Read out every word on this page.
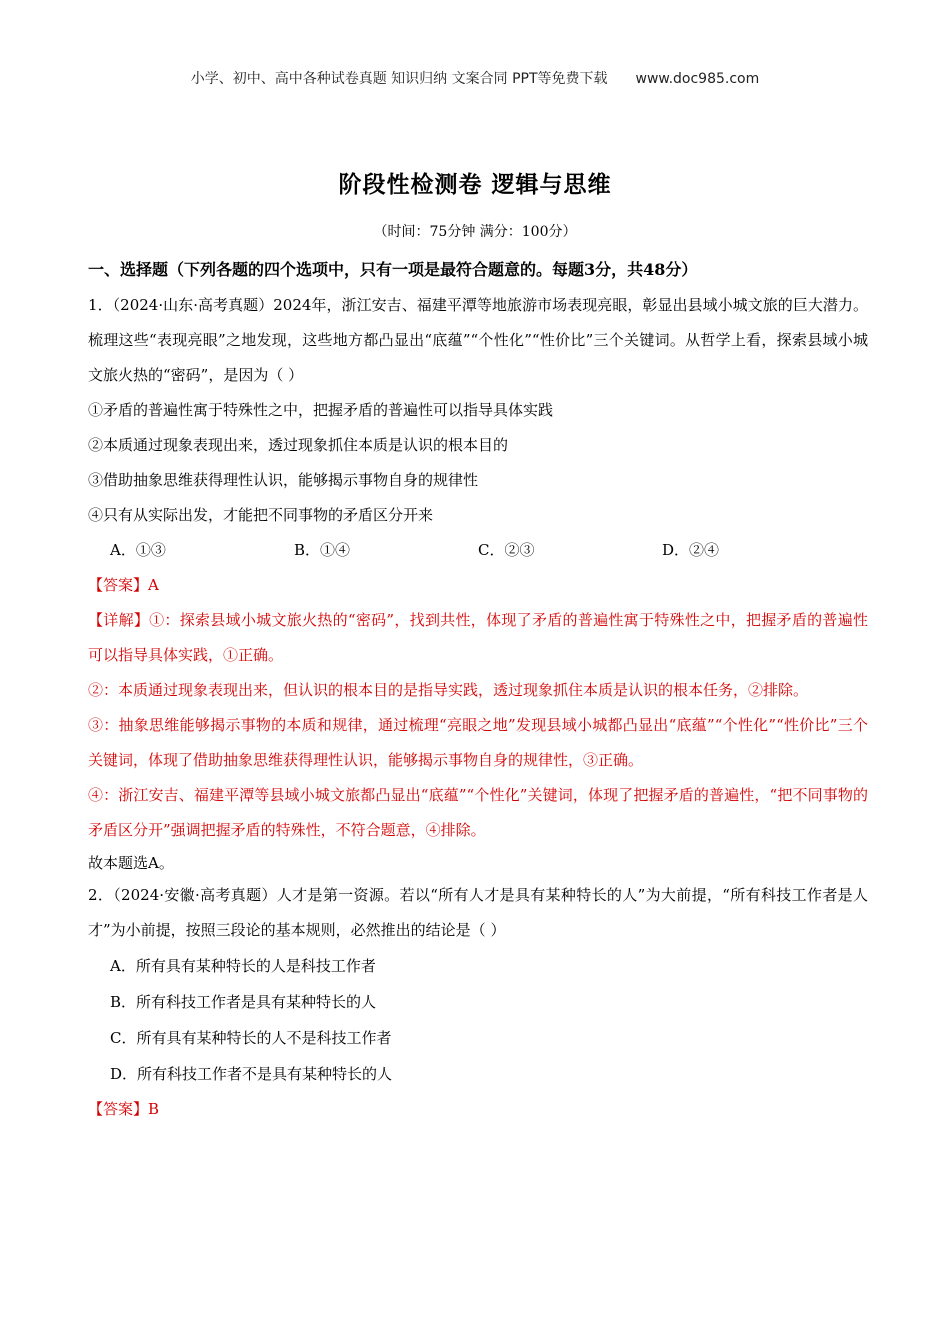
小学、初中、高中各种试卷真题 知识归纳 文案合同 PPT等免费下载 www.doc985.com
阶段性检测卷 逻辑与思维
（时间：75分钟 满分：100分）
一、选择题（下列各题的四个选项中，只有一项是最符合题意的。每题3分，共48分）

1．（2024·山东·高考真题）2024年，浙江安吉、福建平潭等地旅游市场表现亮眼，彰显出县域小城文旅的巨大潜力。梳理这些“表现亮眼”之地发现，这些地方都凸显出“底蕴”“个性化”“性价比”三个关键词。从哲学上看，探索县域小城文旅火热的“密码”，是因为（ ）

①矛盾的普遍性寓于特殊性之中，把握矛盾的普遍性可以指导具体实践

②本质通过现象表现出来，透过现象抓住本质是认识的根本目的

③借助抽象思维获得理性认识，能够揭示事物自身的规律性

④只有从实际出发，才能把不同事物的矛盾区分开来

A．①③	B．①④	C．②③	D．②④

【答案】A

【详解】①：探索县域小城文旅火热的“密码”，找到共性，体现了矛盾的普遍性寓于特殊性之中，把握矛盾的普遍性可以指导具体实践，①正确。

②：本质通过现象表现出来，但认识的根本目的是指导实践，透过现象抓住本质是认识的根本任务，②排除。

③：抽象思维能够揭示事物的本质和规律，通过梳理“亮眼之地”发现县域小城都凸显出“底蕴”“个性化”“性价比”三个关键词，体现了借助抽象思维获得理性认识，能够揭示事物自身的规律性，③正确。

④：浙江安吉、福建平潭等县域小城文旅都凸显出“底蕴”“个性化”关键词，体现了把握矛盾的普遍性，“把不同事物的矛盾区分开”强调把握矛盾的特殊性，不符合题意，④排除。

故本题选A。

2．（2024·安徽·高考真题）人才是第一资源。若以“所有人才是具有某种特长的人”为大前提，“所有科技工作者是人才”为小前提，按照三段论的基本规则，必然推出的结论是（ ）

A．所有具有某种特长的人是科技工作者

B．所有科技工作者是具有某种特长的人

C．所有具有某种特长的人不是科技工作者

D．所有科技工作者不是具有某种特长的人

【答案】B
